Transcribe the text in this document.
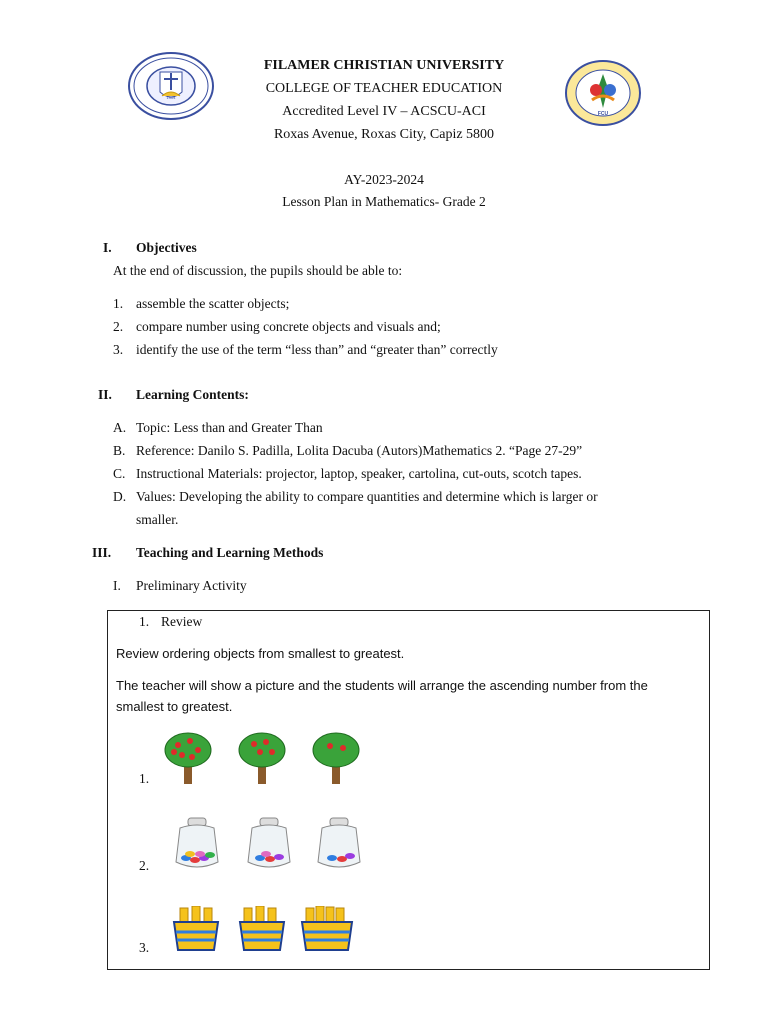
1904
FCU
FILAMER CHRISTIAN UNIVERSITY
COLLEGE OF TEACHER EDUCATION
Accredited Level IV – ACSCU-ACI
Roxas Avenue, Roxas City, Capiz 5800
AY-2023-2024
Lesson Plan in Mathematics- Grade 2
I. Objectives
At the end of discussion, the pupils should be able to:
1. assemble the scatter objects;
2. compare number using concrete objects and visuals and;
3. identify the use of the term “less than” and “greater than” correctly
II. Learning Contents:
A. Topic: Less than and Greater Than
B. Reference: Danilo S. Padilla, Lolita Dacuba (Autors)Mathematics 2. “Page 27-29”
C. Instructional Materials: projector, laptop, speaker, cartolina, cut-outs, scotch tapes.
D. Values: Developing the ability to compare quantities and determine which is larger or
smaller.
III. Teaching and Learning Methods
I. Preliminary Activity
1. Review
Review ordering objects from smallest to greatest.
The teacher will show a picture and the students will arrange the ascending number from the
smallest to greatest.
1.
2.
3.
